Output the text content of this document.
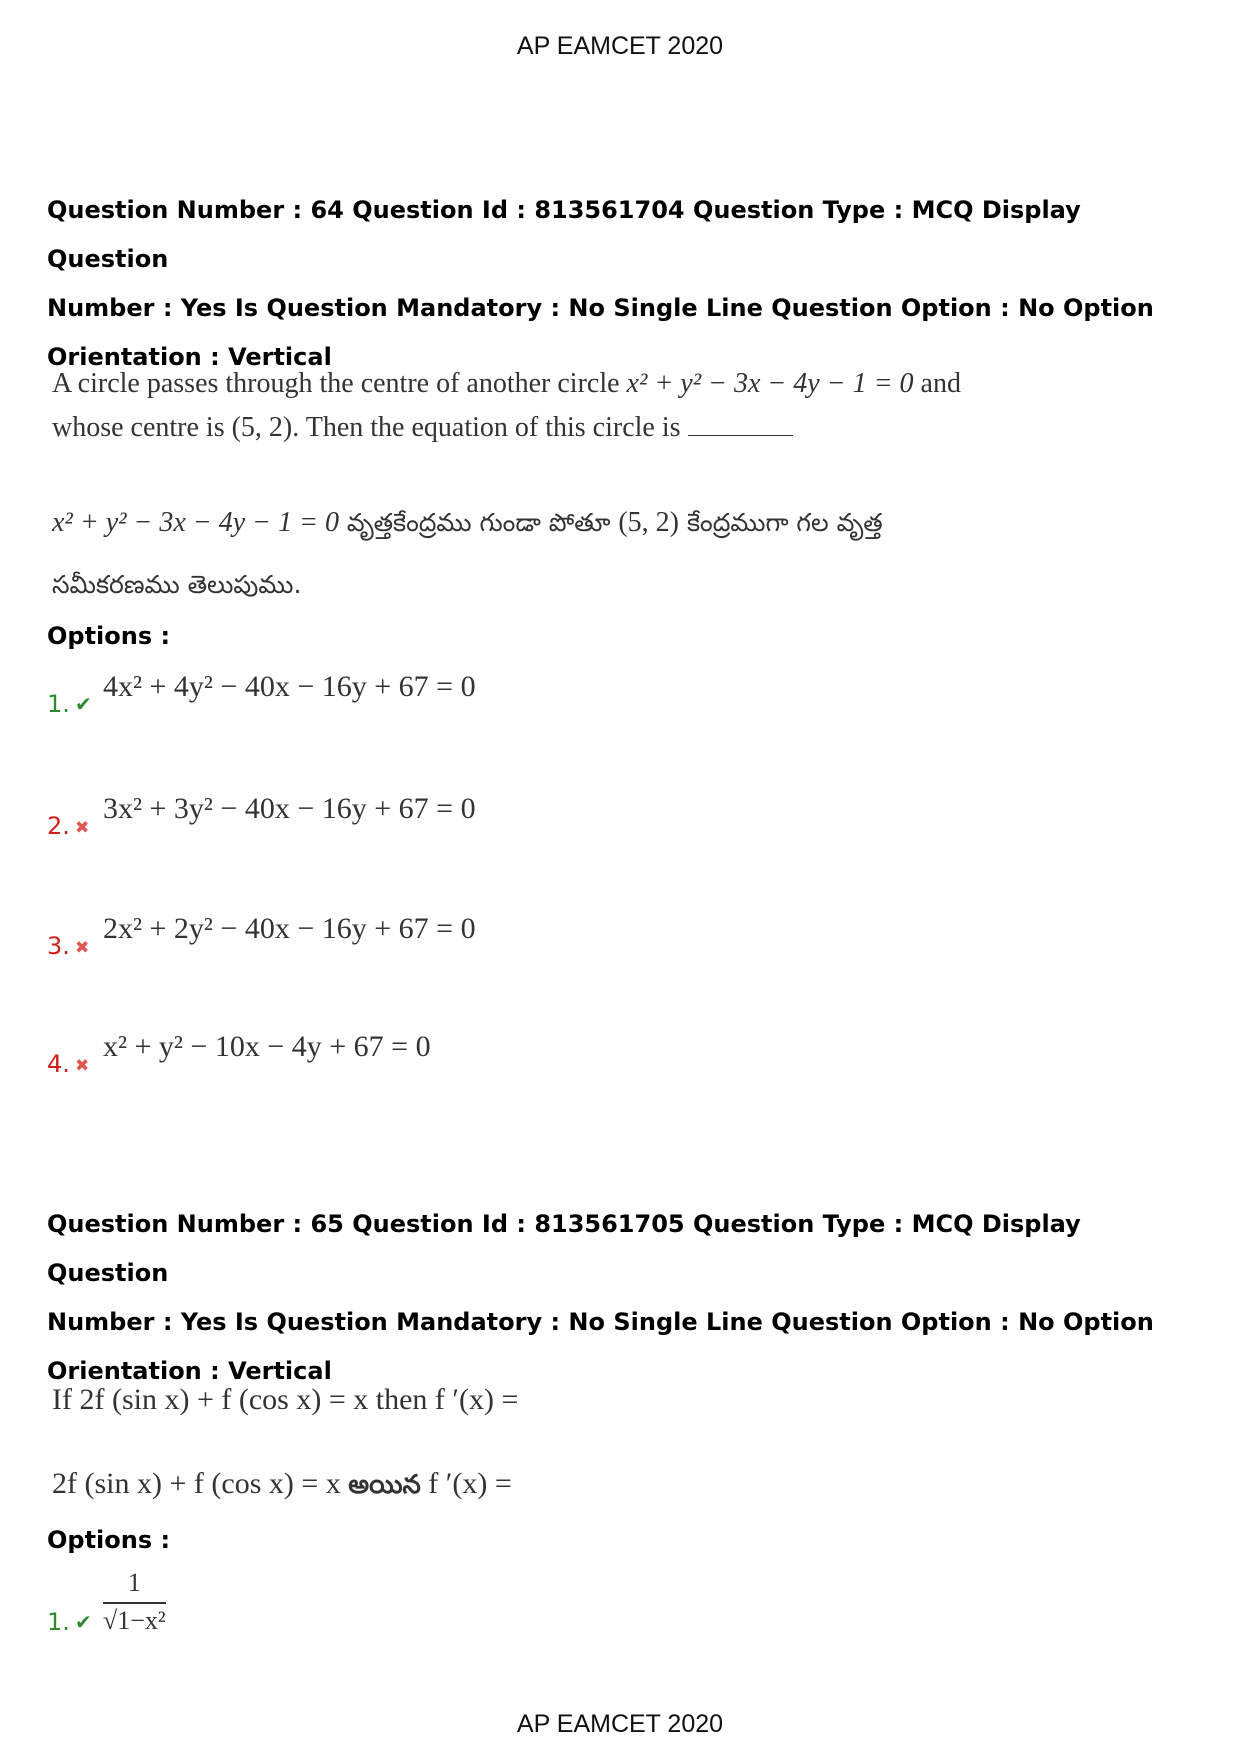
AP EAMCET 2020
Question Number : 64 Question Id : 813561704 Question Type : MCQ Display Question
Number : Yes Is Question Mandatory : No Single Line Question Option : No Option
Orientation : Vertical
A circle passes through the centre of another circle x² + y² − 3x − 4y − 1 = 0 and
whose centre is (5, 2). Then the equation of this circle is
x² + y² − 3x − 4y − 1 = 0 వృత్తకేంద్రము గుండా పోతూ (5, 2) కేంద్రముగా గల వృత్త
సమీకరణము తెలుపుము.
Options :
1. ✔
4x² + 4y² − 40x − 16y + 67 = 0
2. ✖
3x² + 3y² − 40x − 16y + 67 = 0
3. ✖
2x² + 2y² − 40x − 16y + 67 = 0
4. ✖
x² + y² − 10x − 4y + 67 = 0
Question Number : 65 Question Id : 813561705 Question Type : MCQ Display Question
Number : Yes Is Question Mandatory : No Single Line Question Option : No Option
Orientation : Vertical
If 2f (sin x) + f (cos x) = x then f ′(x) =
2f (sin x) + f (cos x) = x అయిన f ′(x) =
Options :
1. ✔ $\frac{1}{\text{√1−x²}}$
AP EAMCET 2020
